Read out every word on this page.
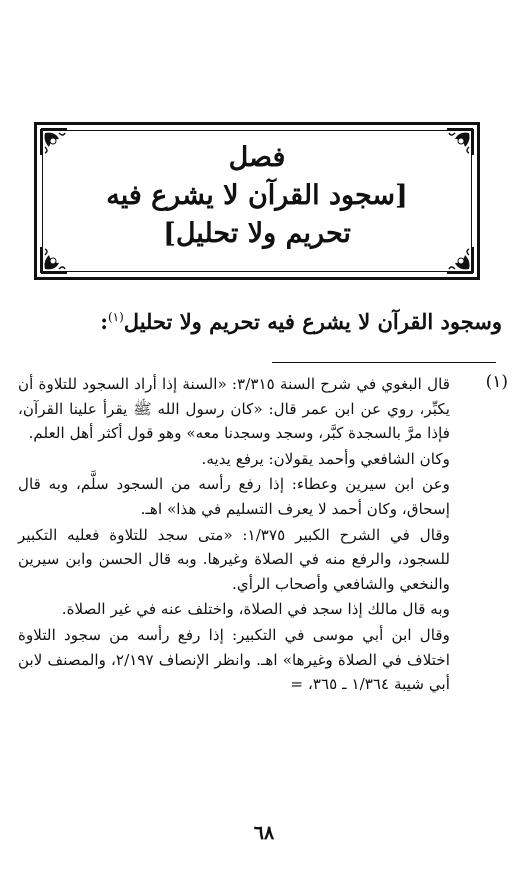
فصل
[سجود القرآن لا يشرع فيه
تحريم ولا تحليل]
وسجود القرآن لا يشرع فيه تحريم ولا تحليل$^{(١)}$:
(١)

قال البغوي في شرح السنة ٣/٣١٥: «السنة إذا أراد السجود للتلاوة أن يكبِّر، روي عن ابن عمر قال: «كان رسول الله ﷺ يقرأ علينا القرآن، فإذا مرَّ بالسجدة كبَّر، وسجد وسجدنا معه» وهو قول أكثر أهل العلم.

وكان الشافعي وأحمد يقولان: يرفع يديه.

وعن ابن سيرين وعطاء: إذا رفع رأسه من السجود سلَّم، وبه قال إسحاق، وكان أحمد لا يعرف التسليم في هذا» اهـ.

وقال في الشرح الكبير ١/٣٧٥: «متى سجد للتلاوة فعليه التكبير للسجود، والرفع منه في الصلاة وغيرها. وبه قال الحسن وابن سيرين والنخعي والشافعي وأصحاب الرأي.

وبه قال مالك إذا سجد في الصلاة، واختلف عنه في غير الصلاة.

وقال ابن أبي موسى في التكبير: إذا رفع رأسه من سجود التلاوة اختلاف في الصلاة وغيرها» اهـ. وانظر الإنصاف ٢/١٩٧، والمصنف لابن أبي شيبة ١/٣٦٤ ـ ٣٦٥، =

٦٨
